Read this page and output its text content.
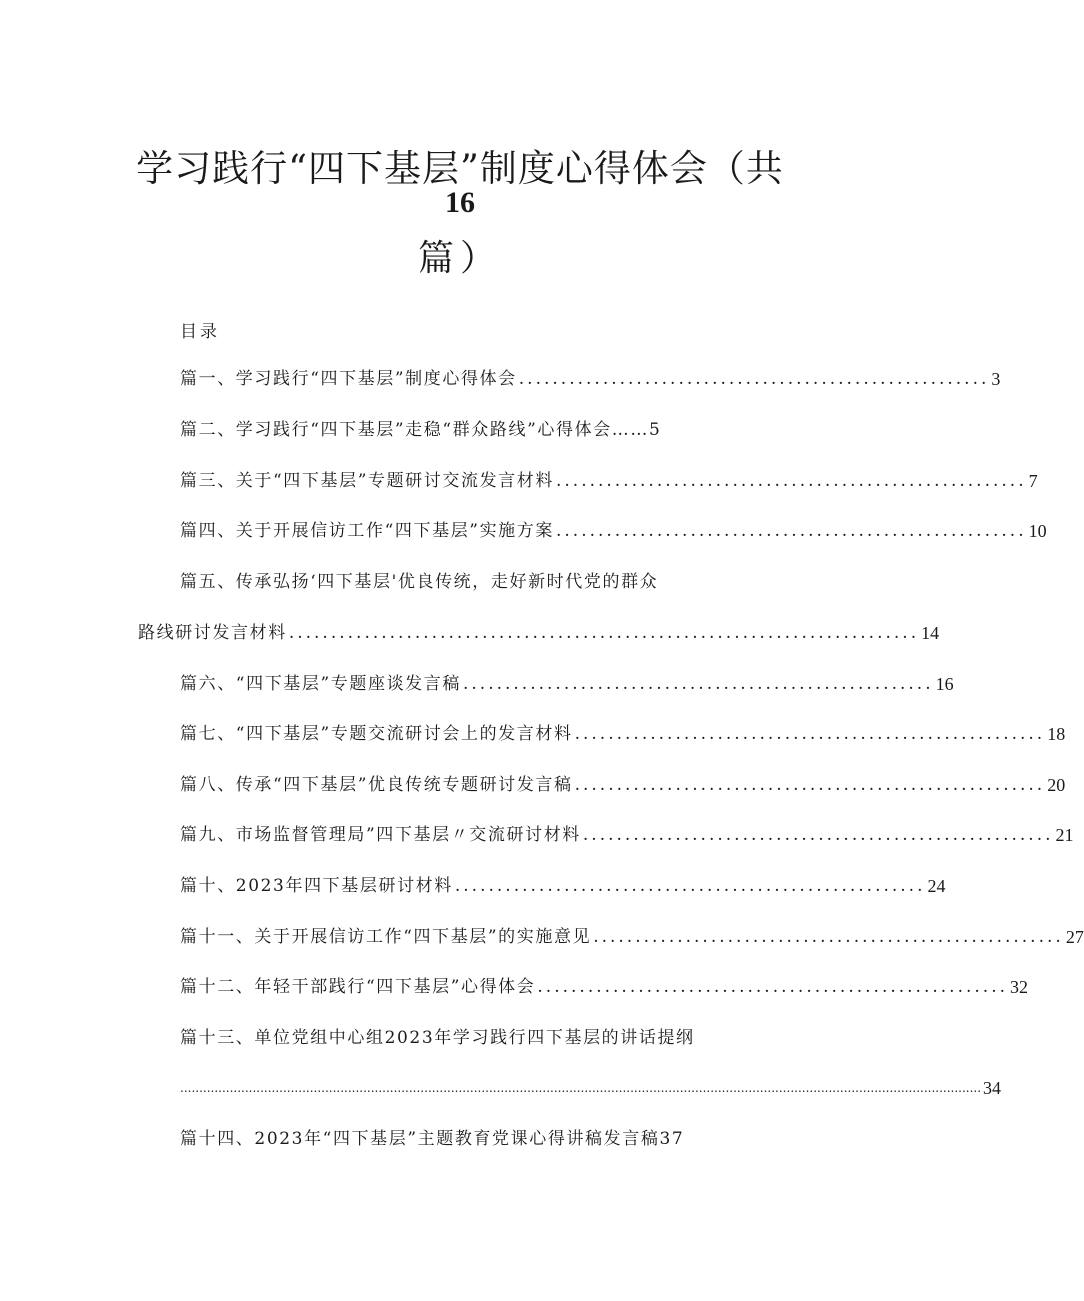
学习践行“四下基层”制度心得体会（共
16
篇）
目录
篇一、学习践行“四下基层”制度心得体会 ........................................................ 3
篇二、学习践行“四下基层”走稳“群众路线”心得体会……5
篇三、关于“四下基层”专题研讨交流发言材料 ........................................................ 7
篇四、关于开展信访工作“四下基层”实施方案 ........................................................ 10
篇五、传承弘扬‘四下基层'优良传统，走好新时代党的群众
路线研讨发言材料 ........................................................................... 14
篇六、“四下基层”专题座谈发言稿 ........................................................ 16
篇七、“四下基层”专题交流研讨会上的发言材料 ........................................................ 18
篇八、传承“四下基层”优良传统专题研讨发言稿 ........................................................ 20
篇九、市场监督管理局”四下基层〃交流研讨材料 ........................................................ 21
篇十、2023年四下基层研讨材料 ........................................................ 24
篇十一、关于开展信访工作“四下基层”的实施意见 ........................................................ 27
篇十二、年轻干部践行“四下基层”心得体会 ........................................................ 32
篇十三、单位党组中心组2023年学习践行四下基层的讲话提纲
.................................................................................................................................................................................................................. 34
篇十四、2023年“四下基层”主题教育党课心得讲稿发言稿37
